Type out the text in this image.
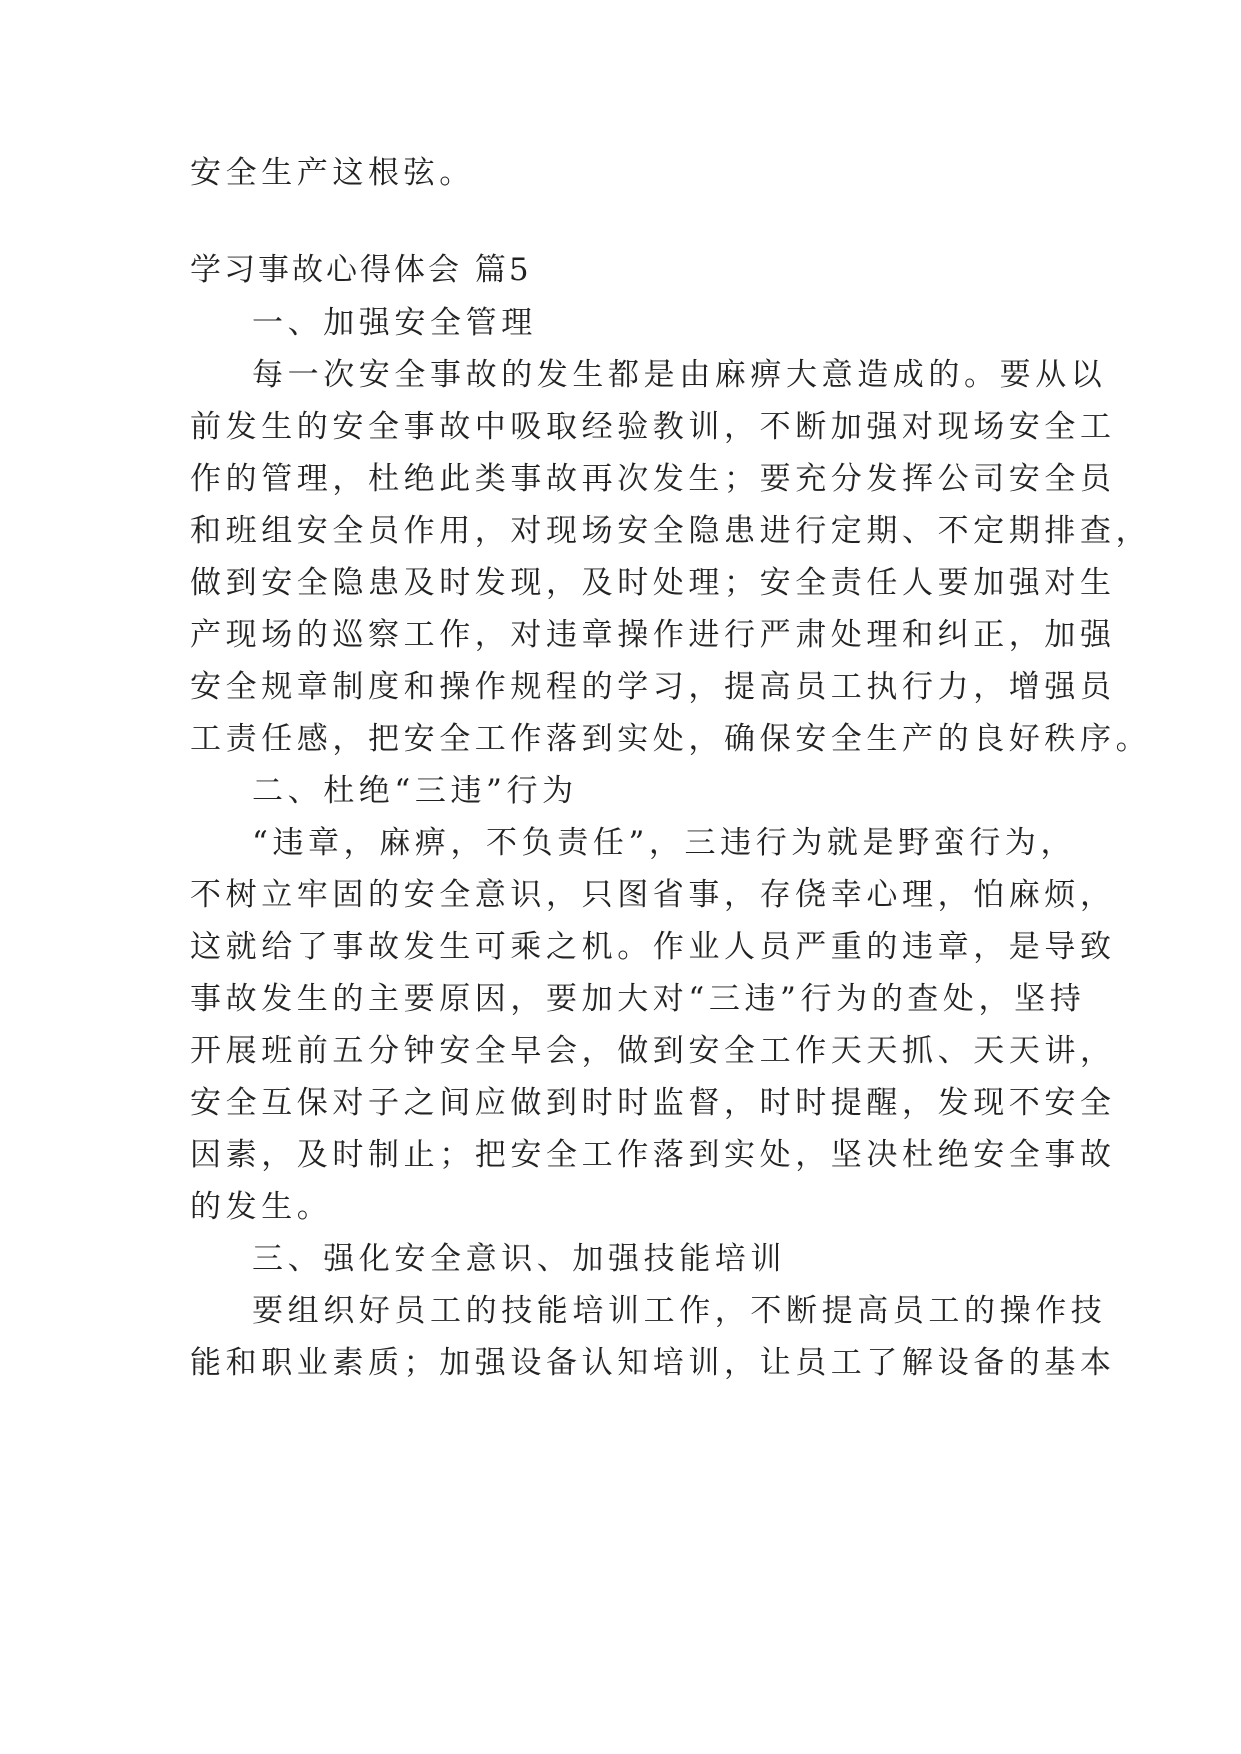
安全生产这根弦。
学习事故心得体会 篇5
一、加强安全管理
每一次安全事故的发生都是由麻痹大意造成的。要从以
前发生的安全事故中吸取经验教训，不断加强对现场安全工
作的管理，杜绝此类事故再次发生；要充分发挥公司安全员
和班组安全员作用，对现场安全隐患进行定期、不定期排查，
做到安全隐患及时发现，及时处理；安全责任人要加强对生
产现场的巡察工作，对违章操作进行严肃处理和纠正，加强
安全规章制度和操作规程的学习，提高员工执行力，增强员
工责任感，把安全工作落到实处，确保安全生产的良好秩序。
二、杜绝“三违”行为
“违章，麻痹，不负责任”，三违行为就是野蛮行为，
不树立牢固的安全意识，只图省事，存侥幸心理，怕麻烦，
这就给了事故发生可乘之机。作业人员严重的违章，是导致
事故发生的主要原因，要加大对“三违”行为的查处，坚持
开展班前五分钟安全早会，做到安全工作天天抓、天天讲，
安全互保对子之间应做到时时监督，时时提醒，发现不安全
因素，及时制止；把安全工作落到实处，坚决杜绝安全事故
的发生。
三、强化安全意识、加强技能培训
要组织好员工的技能培训工作，不断提高员工的操作技
能和职业素质；加强设备认知培训，让员工了解设备的基本
